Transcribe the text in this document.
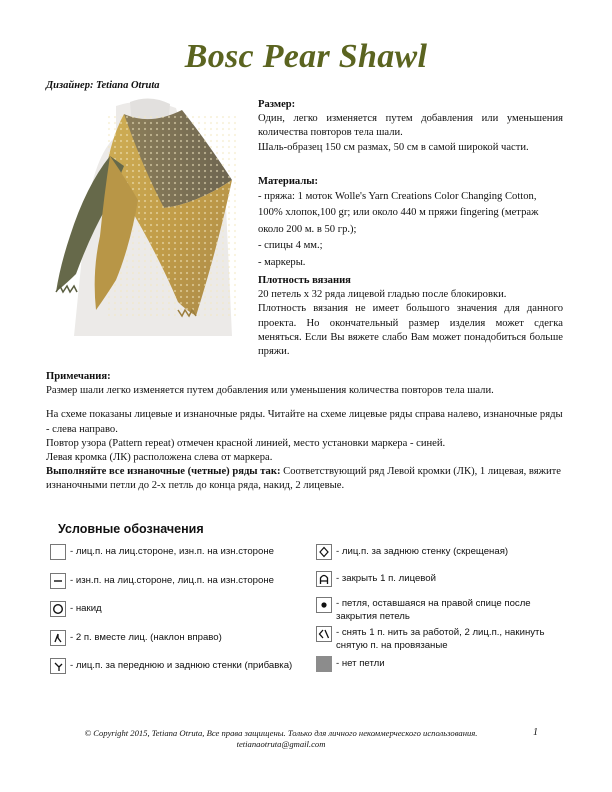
Bosc Pear Shawl
Дизайнер: Tetiana Otruta

Размер:

Один, легко изменяется путем добавления или уменьшения количества повторов тела шали.

Шаль-образец 150 см размах, 50 см в самой широкой части.

Материалы:

- пряжа: 1 моток Wolle's Yarn Creations Color Changing Cotton, 100% хлопок,100 gr; или около 440 м пряжи fingering (метраж около 200 м. в 50 гр.);

- спицы 4 мм.;

- маркеры.

Плотность вязания

20 петель х 32 ряда лицевой гладью после блокировки.

Плотность вязания не имеет большого значения для данного проекта. Но окончательный размер изделия может сдегка меняться. Если Вы вяжете слабо Вам может понадобиться больше пряжи.

Примечания:

Размер шали легко изменяется путем добавления или уменьшения количества повторов тела шали.

На схеме показаны лицевые и изнаночные ряды. Читайте на схеме лицевые ряды справа налево, изнаночные ряды - слева направо.

Повтор узора (Pattern repeat) отмечен красной линией, место установки маркера - синей.

Левая кромка (ЛК) расположена слева от маркера.

Выполняйте все изнаночные (четные) ряды так: Соответствующий ряд Левой кромки (ЛК), 1 лицевая, вяжите изнаночными петли до 2-х петль до конца ряда, накид, 2 лицевые.

Условные обозначения
- лиц.п. на лиц.стороне, изн.п. на изн.стороне
- изн.п. на лиц.стороне, лиц.п. на изн.стороне
- накид
- 2 п. вместе лиц. (наклон вправо)
- лиц.п. за переднюю и заднюю стенки (прибавка)
- лиц.п. за заднюю стенку (скрещеная)
- закрыть 1 п. лицевой
- петля, оставшаяся на правой спице после закрытия петель
- снять 1 п. нить за работой, 2 лиц.п., накинуть снятую п. на провязаные
- нет петли
© Copyright 2015, Tetiana Otruta, Все права защищены. Только для личного некоммерческого использования.
tetianaotruta@gmail.com
1
